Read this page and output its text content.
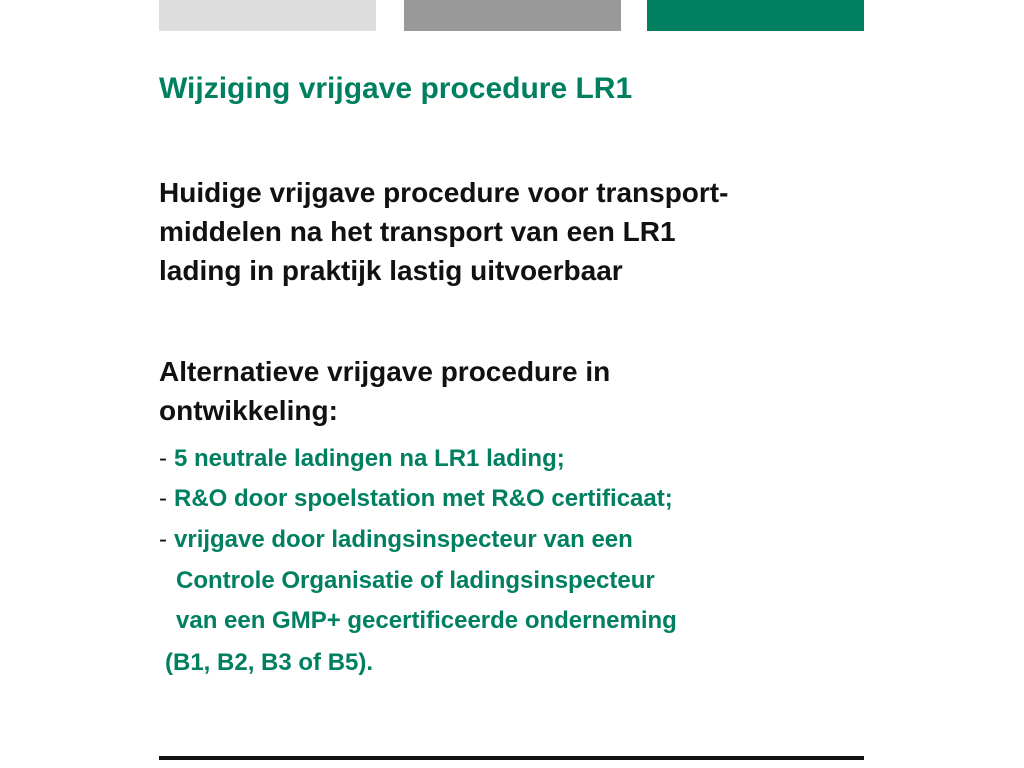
Wijziging vrijgave procedure LR1

Huidige vrijgave procedure voor transport-
middelen na het transport van een LR1
lading in praktijk lastig uitvoerbaar

Alternatieve vrijgave procedure in
ontwikkeling:

- 5 neutrale ladingen na LR1 lading;
- R&O door spoelstation met R&O certificaat;
- vrijgave door ladingsinspecteur van een
Controle Organisatie of ladingsinspecteur
van een GMP+ gecertificeerde onderneming
(B1, B2, B3 of B5).
